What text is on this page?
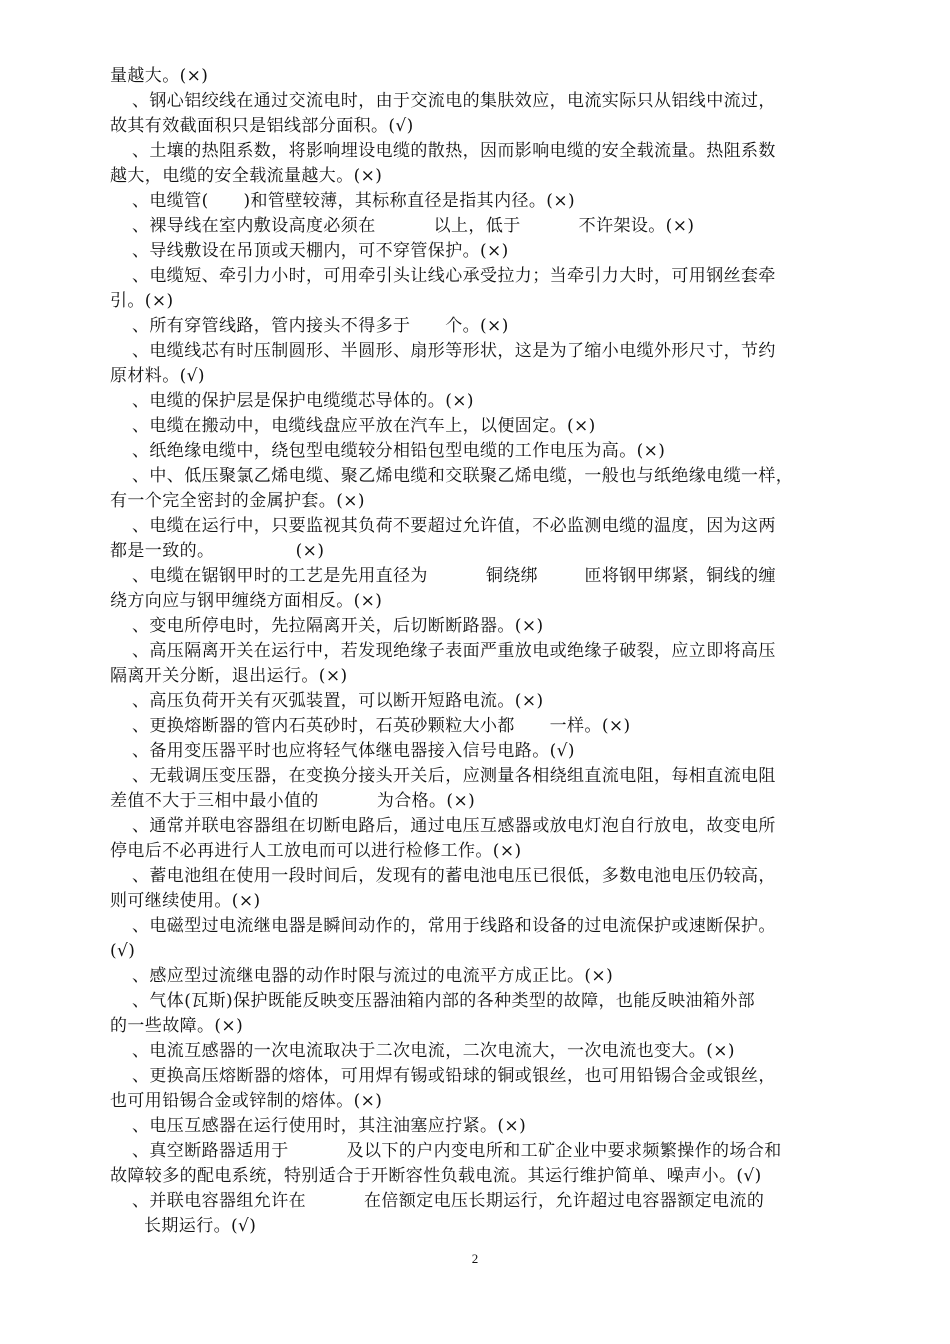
量越大。(×)
、钢心铝绞线在通过交流电时，由于交流电的集肤效应，电流实际只从铝线中流过，
故其有效截面积只是铝线部分面积。(√)
、土壤的热阻系数，将影响埋设电缆的散热，因而影响电缆的安全载流量。热阻系数
越大，电缆的安全载流量越大。(×)
、电缆管(      )和管壁较薄，其标称直径是指其内径。(×)
、裸导线在室内敷设高度必须在          以上，低于          不许架设。(×)
、导线敷设在吊顶或天棚内，可不穿管保护。(×)
、电缆短、牵引力小时，可用牵引头让线心承受拉力；当牵引力大时，可用钢丝套牵
引。(×)
、所有穿管线路，管内接头不得多于      个。(×)
、电缆线芯有时压制圆形、半圆形、扇形等形状，这是为了缩小电缆外形尺寸，节约
原材料。(√)
、电缆的保护层是保护电缆缆芯导体的。(×)
、电缆在搬动中，电缆线盘应平放在汽车上，以便固定。(×)
、纸绝缘电缆中，绕包型电缆较分相铅包型电缆的工作电压为高。(×)
、中、低压聚氯乙烯电缆、聚乙烯电缆和交联聚乙烯电缆，一般也与纸绝缘电缆一样，
有一个完全密封的金属护套。(×)
、电缆在运行中，只要监视其负荷不要超过允许值，不必监测电缆的温度，因为这两
都是一致的。              (×)
、电缆在锯钢甲时的工艺是先用直径为          铜绕绑        匝将钢甲绑紧，铜线的缠
绕方向应与钢甲缠绕方面相反。(×)
、变电所停电时，先拉隔离开关，后切断断路器。(×)
、高压隔离开关在运行中，若发现绝缘子表面严重放电或绝缘子破裂，应立即将高压
隔离开关分断，退出运行。(×)
、高压负荷开关有灭弧装置，可以断开短路电流。(×)
、更换熔断器的管内石英砂时，石英砂颗粒大小都      一样。(×)
、备用变压器平时也应将轻气体继电器接入信号电路。(√)
、无载调压变压器，在变换分接头开关后，应测量各相绕组直流电阻，每相直流电阻
差值不大于三相中最小值的          为合格。(×)
、通常并联电容器组在切断电路后，通过电压互感器或放电灯泡自行放电，故变电所
停电后不必再进行人工放电而可以进行检修工作。(×)
、蓄电池组在使用一段时间后，发现有的蓄电池电压已很低，多数电池电压仍较高，
则可继续使用。(×)
、电磁型过电流继电器是瞬间动作的，常用于线路和设备的过电流保护或速断保护。
(√)
、感应型过流继电器的动作时限与流过的电流平方成正比。(×)
、气体(瓦斯)保护既能反映变压器油箱内部的各种类型的故障，也能反映油箱外部
的一些故障。(×)
、电流互感器的一次电流取决于二次电流，二次电流大，一次电流也变大。(×)
、更换高压熔断器的熔体，可用焊有锡或铅球的铜或银丝，也可用铅锡合金或银丝，
也可用铅锡合金或锌制的熔体。(×)
、电压互感器在运行使用时，其注油塞应拧紧。(×)
、真空断路器适用于          及以下的户内变电所和工矿企业中要求频繁操作的场合和
故障较多的配电系统，特别适合于开断容性负载电流。其运行维护简单、噪声小。(√)
、并联电容器组允许在          在倍额定电压长期运行，允许超过电容器额定电流的
长期运行。(√)
2
